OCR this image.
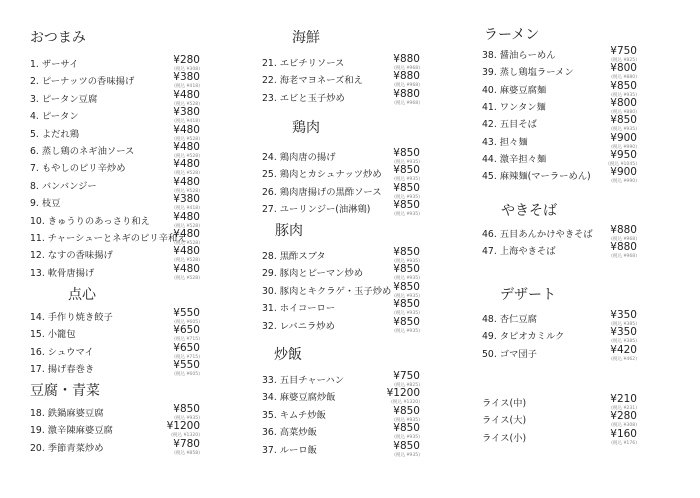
おつまみ
1. ザーサイ	¥280
(税込 ¥308)
2. ピーナッツの香味揚げ	¥380
(税込 ¥418)
3. ピータン豆腐	¥480
(税込 ¥528)
4. ピータン	¥380
(税込 ¥418)
5. よだれ鶏	¥480
(税込 ¥528)
6. 蒸し鶏のネギ油ソース	¥480
(税込 ¥528)
7. もやしのピリ辛炒め	¥480
(税込 ¥528)
8. バンバンジー	¥480
(税込 ¥528)
9. 枝豆	¥380
(税込 ¥418)
10. きゅうりのあっさり和え ¥480
(税込 ¥528)
11. チャーシューとネギのピリ辛和え
¥480
(税込 ¥528)
12. なすの香味揚げ	¥480
(税込 ¥528)
13. 軟骨唐揚げ	¥480
(税込 ¥528)
点心
14. 手作り焼き餃子	¥550
(税込 ¥605)
15. 小籠包	¥650
(税込 ¥715)
16. シュウマイ	¥650
(税込 ¥715)
17. 揚げ春巻き	¥550
(税込 ¥605)
豆腐・青菜
18. 鉄鍋麻婆豆腐	¥850
(税込 ¥935)
19. 激辛陳麻婆豆腐	¥1200
(税込 ¥1320)
20. 季節青菜炒め	¥780
(税込 ¥858)
海鮮
21. エビチリソース	¥880
(税込 ¥968)
22. 海老マヨネーズ和え	¥880
(税込 ¥968)
23. エビと玉子炒め	¥880
(税込 ¥968)
鶏肉
24. 鶏肉唐の揚げ	¥850
(税込 ¥935)
25. 鶏肉とカシュナッツ炒め ¥850
(税込 ¥935)
26. 鶏肉唐揚げの黒酢ソース ¥850
(税込 ¥935)
27. ユーリンジー(油淋鶏) ¥850
(税込 ¥935)
豚肉
28. 黒酢スブタ	¥850
(税込 ¥935)
29. 豚肉とピーマン炒め	¥850
(税込 ¥935)
30. 豚肉とキクラゲ・玉子炒め ¥850
(税込 ¥935)
31. ホイコーロー	¥850
(税込 ¥935)
32. レバニラ炒め	¥850
(税込 ¥935)
炒飯
33. 五目チャーハン	¥750
(税込 ¥825)
34. 麻婆豆腐炒飯	¥1200
(税込 ¥1320)
35. キムチ炒飯	¥850
(税込 ¥935)
36. 高菜炒飯	¥850
(税込 ¥935)
37. ルーロ飯	¥850
(税込 ¥935)
ラーメン
38. 醤油らーめん	¥750
(税込 ¥825)
39. 蒸し鶏塩ラーメン	¥800
(税込 ¥880)
40. 麻婆豆腐麺	¥850
(税込 ¥935)
41. ワンタン麺	¥800
(税込 ¥880)
42. 五目そば	¥850
(税込 ¥935)
43. 担々麺	¥900
(税込 ¥990)
44. 激辛担々麺	¥950
(税込 ¥1045)
45. 麻辣麺(マーラーめん) ¥900
(税込 ¥990)
やきそば
46. 五目あんかけやきそば ¥880
(税込 ¥968)
47. 上海やきそば	¥880
(税込 ¥968)
デザート
48. 杏仁豆腐	¥350
(税込 ¥385)
49. タピオカミルク	¥350
(税込 ¥385)
50. ゴマ団子	¥420
(税込 ¥462)
ライス(中)	¥210
(税込 ¥231)
ライス(大)	¥280
(税込 ¥308)
ライス(小)	¥160
(税込 ¥176)
